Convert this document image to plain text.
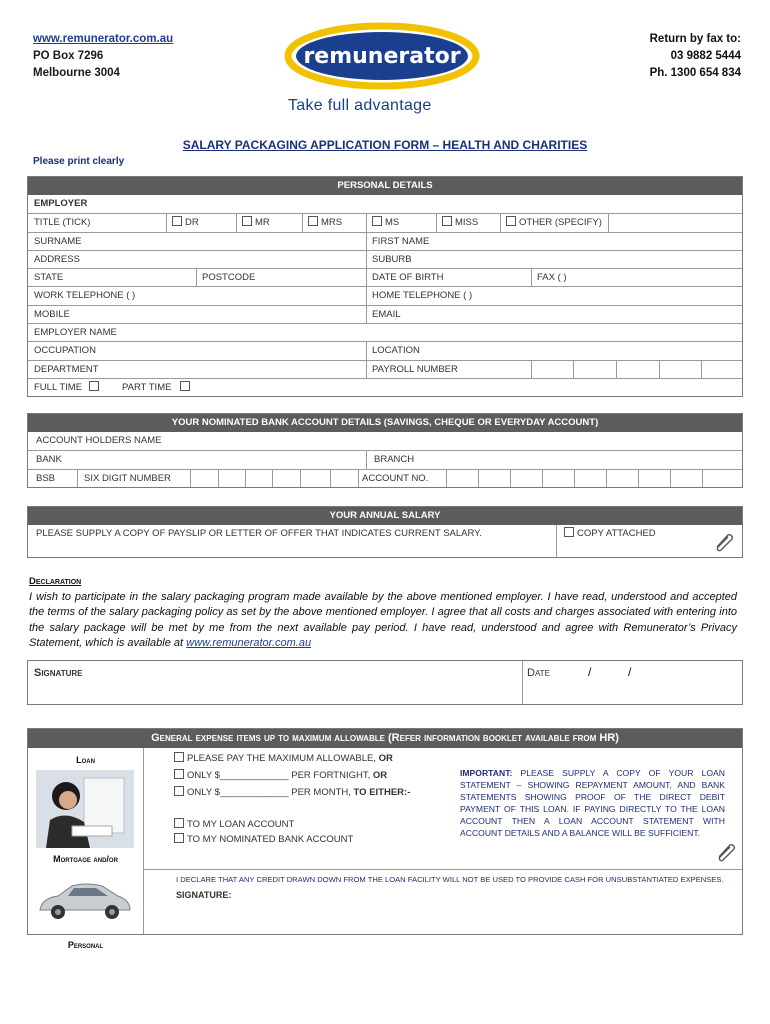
www.remunerator.com.au
PO Box 7296
Melbourne 3004
remunerator
Take full advantage
Return by fax to:
03 9882 5444
Ph. 1300 654 834
SALARY PACKAGING APPLICATION FORM – HEALTH AND CHARITIES
Please print clearly
PERSONAL DETAILS
EMPLOYER
TITLE (TICK)	DR	MR	MRS	MS	MISS	OTHER (SPECIFY)
SURNAME	FIRST NAME
ADDRESS	SUBURB
STATE	POSTCODE	DATE OF BIRTH	FAX ( )
WORK TELEPHONE ( )	HOME TELEPHONE ( )
MOBILE	EMAIL
EMPLOYER NAME
OCCUPATION	LOCATION
DEPARTMENT	PAYROLL NUMBER
FULL TIME	PART TIME
YOUR NOMINATED BANK ACCOUNT DETAILS (SAVINGS, CHEQUE OR EVERYDAY ACCOUNT)
ACCOUNT HOLDERS NAME
BANK	BRANCH
BSB	SIX DIGIT NUMBER	ACCOUNT NO.
YOUR ANNUAL SALARY
PLEASE SUPPLY A COPY OF PAYSLIP OR LETTER OF OFFER THAT INDICATES CURRENT SALARY.	COPY ATTACHED
Declaration
I wish to participate in the salary packaging program made available by the above mentioned employer. I have read, understood and accepted the terms of the salary packaging policy as set by the above mentioned employer. I agree that all costs and charges associated with entering into the salary package will be met by me from the next available pay period. I have read, understood and agree with Remunerator’s Privacy Statement, which is available at www.remunerator.com.au
Signature	Date	/	/
General expense items up to maximum allowable (Refer information booklet available from HR)
Loan
Mortgage and/or
Personal
PLEASE PAY THE MAXIMUM ALLOWABLE, OR
ONLY $_____________ PER FORTNIGHT, OR
ONLY $_____________ PER MONTH, TO EITHER:-
TO MY LOAN ACCOUNT
TO MY NOMINATED BANK ACCOUNT
IMPORTANT: PLEASE SUPPLY A COPY OF YOUR LOAN STATEMENT – SHOWING REPAYMENT AMOUNT, AND BANK STATEMENTS SHOWING PROOF OF THE DIRECT DEBIT PAYMENT OF THIS LOAN. IF PAYING DIRECTLY TO THE LOAN ACCOUNT THEN A LOAN ACCOUNT STATEMENT WITH ACCOUNT DETAILS AND A BALANCE WILL BE SUFFICIENT.
I DECLARE THAT ANY CREDIT DRAWN DOWN FROM THE LOAN FACILITY WILL NOT BE USED TO PROVIDE CASH FOR UNSUBSTANTIATED EXPENSES.
SIGNATURE:
